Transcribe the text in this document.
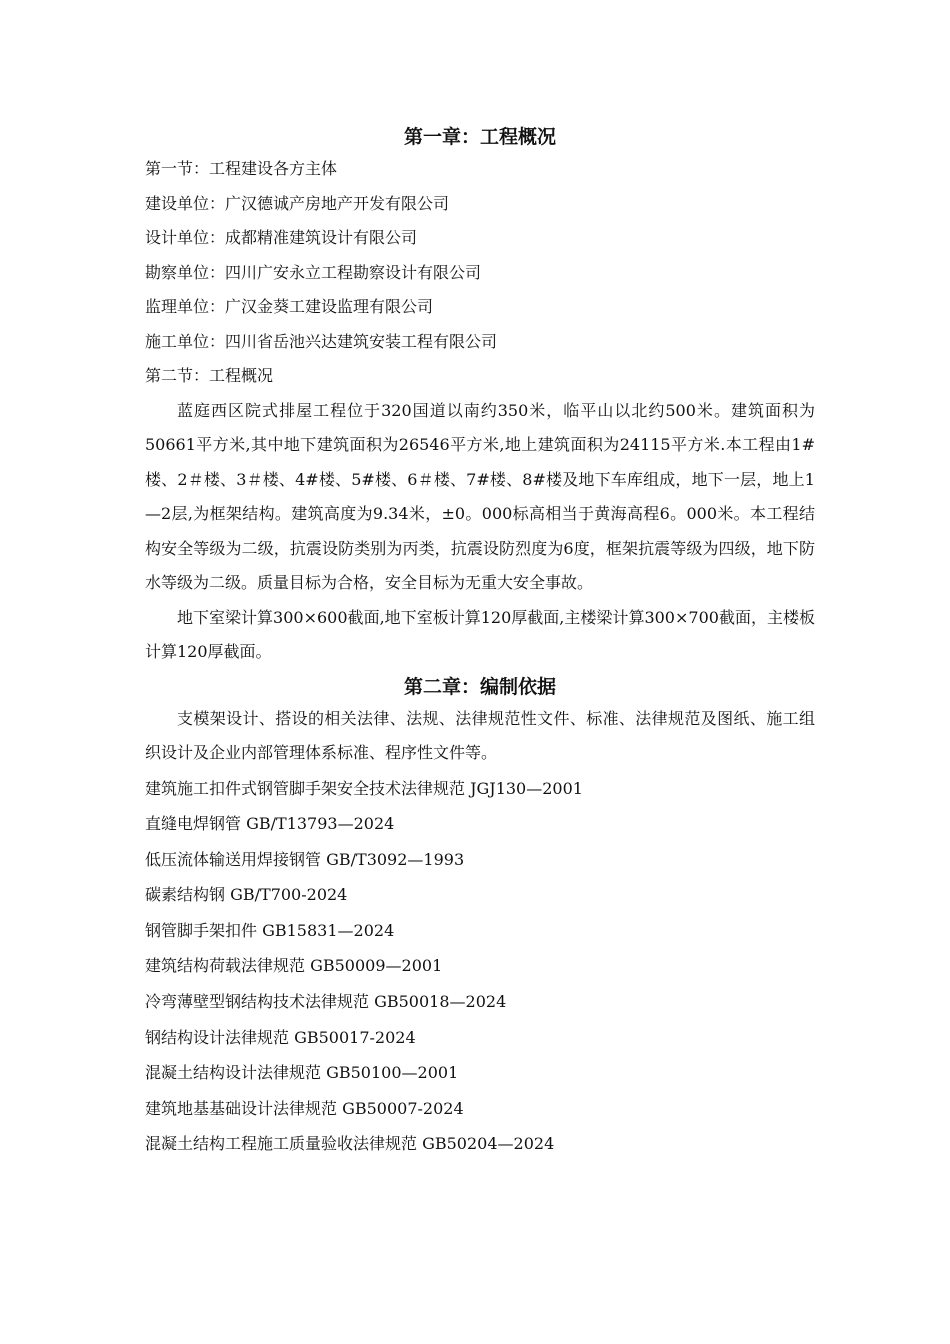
第一章：工程概况

第一节：工程建设各方主体

建设单位：广汉德诚产房地产开发有限公司

设计单位：成都精准建筑设计有限公司

勘察单位：四川广安永立工程勘察设计有限公司

监理单位：广汉金葵工建设监理有限公司

施工单位：四川省岳池兴达建筑安装工程有限公司

第二节：工程概况

蓝庭西区院式排屋工程位于320国道以南约350米，临平山以北约500米。建筑面积为50661平方米,其中地下建筑面积为26546平方米,地上建筑面积为24115平方米.本工程由1#楼、2＃楼、3＃楼、4#楼、5#楼、6＃楼、7#楼、8#楼及地下车库组成，地下一层，地上1—2层,为框架结构。建筑高度为9.34米，±0。000标高相当于黄海高程6。000米。本工程结构安全等级为二级，抗震设防类别为丙类，抗震设防烈度为6度，框架抗震等级为四级，地下防水等级为二级。质量目标为合格，安全目标为无重大安全事故。

地下室梁计算300×600截面,地下室板计算120厚截面,主楼梁计算300×700截面，主楼板计算120厚截面。

第二章：编制依据

支模架设计、搭设的相关法律、法规、法律规范性文件、标准、法律规范及图纸、施工组织设计及企业内部管理体系标准、程序性文件等。

建筑施工扣件式钢管脚手架安全技术法律规范 JGJ130—2001

直缝电焊钢管 GB/T13793—2024

低压流体输送用焊接钢管 GB/T3092—1993

碳素结构钢 GB/T700-2024

钢管脚手架扣件 GB15831—2024

建筑结构荷载法律规范 GB50009—2001

冷弯薄壁型钢结构技术法律规范 GB50018—2024

钢结构设计法律规范 GB50017-2024

混凝土结构设计法律规范 GB50100—2001

建筑地基基础设计法律规范 GB50007-2024

混凝土结构工程施工质量验收法律规范 GB50204—2024
